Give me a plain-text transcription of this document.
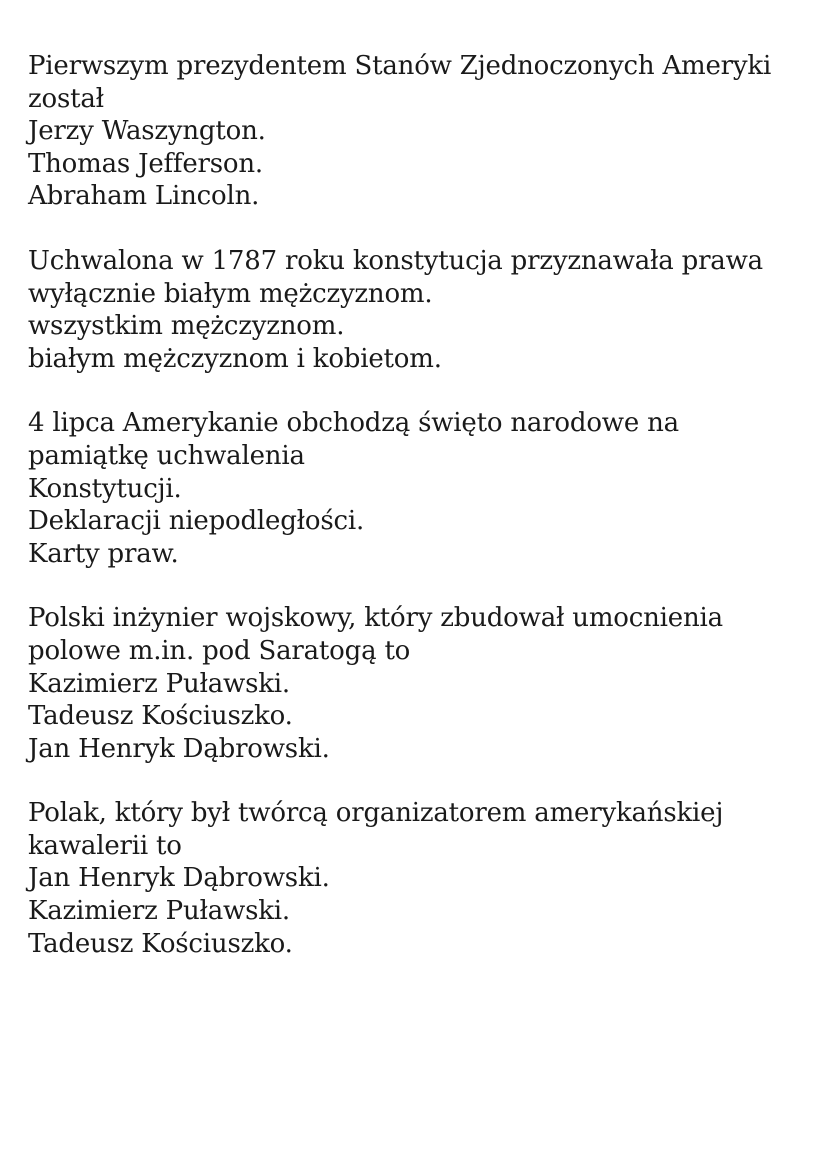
Pierwszym prezydentem Stanów Zjednoczonych Ameryki
został
Jerzy Waszyngton.
Thomas Jefferson.
Abraham Lincoln.
Uchwalona w 1787 roku konstytucja przyznawała prawa
wyłącznie białym mężczyznom.
wszystkim mężczyznom.
białym mężczyznom i kobietom.
4 lipca Amerykanie obchodzą święto narodowe na
pamiątkę uchwalenia
Konstytucji.
Deklaracji niepodległości.
Karty praw.
Polski inżynier wojskowy, który zbudował umocnienia
polowe m.in. pod Saratogą to
Kazimierz Puławski.
Tadeusz Kościuszko.
Jan Henryk Dąbrowski.
Polak, który był twórcą organizatorem amerykańskiej
kawalerii to
Jan Henryk Dąbrowski.
Kazimierz Puławski.
Tadeusz Kościuszko.
